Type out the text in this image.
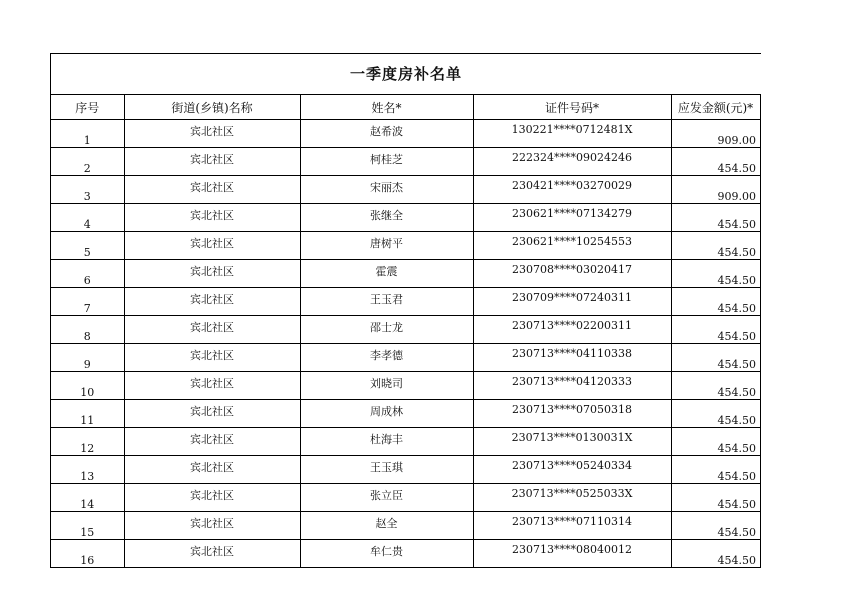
一季度房补名单
序号	街道(乡镇)名称	姓名*	证件号码*	应发金额(元)*
1	宾北社区	赵希波	130221****0712481X	909.00

2	宾北社区	柯桂芝	222324****09024246	454.50

3	宾北社区	宋丽杰	230421****03270029	909.00

4	宾北社区	张继全	230621****07134279	454.50

5	宾北社区	唐树平	230621****10254553	454.50

6	宾北社区	霍震	230708****03020417	454.50

7	宾北社区	王玉君	230709****07240311	454.50

8	宾北社区	邵士龙	230713****02200311	454.50

9	宾北社区	李孝德	230713****04110338	454.50

10	宾北社区	刘晓司	230713****04120333	454.50

11	宾北社区	周成林	230713****07050318	454.50

12	宾北社区	杜海丰	230713****0130031X	454.50

13	宾北社区	王玉琪	230713****05240334	454.50

14	宾北社区	张立臣	230713****0525033X	454.50

15	宾北社区	赵全	230713****07110314	454.50

16	宾北社区	牟仁贵	230713****08040012	454.50
